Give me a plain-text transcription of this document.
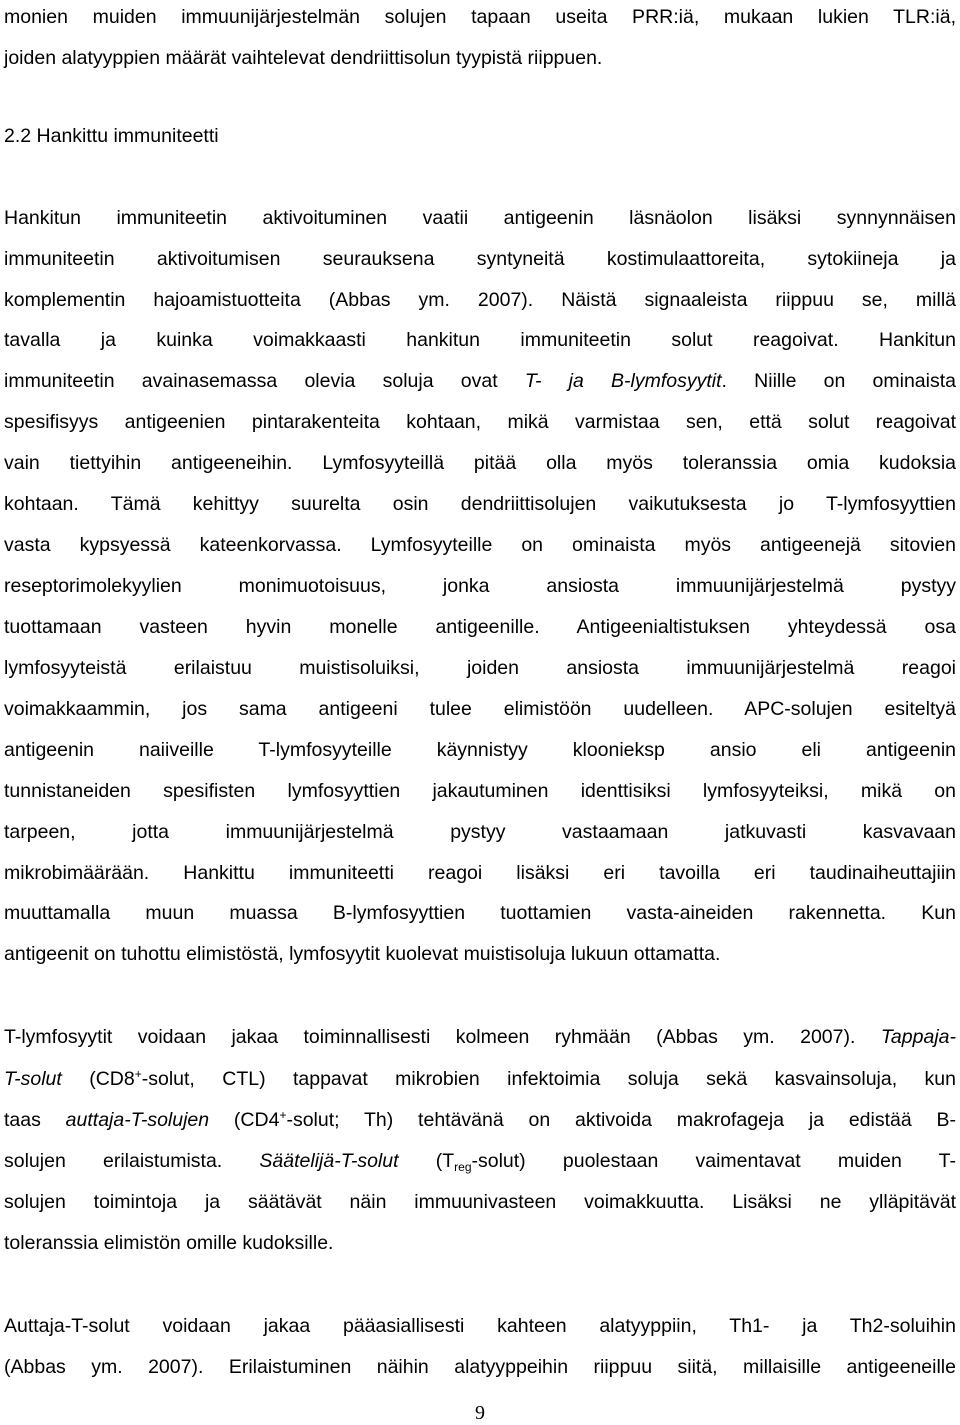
monien muiden immuunijärjestelmän solujen tapaan useita PRR:iä, mukaan lukien TLR:iä,
joiden alatyyppien määrät vaihtelevat dendriittisolun tyypistä riippuen.
2.2 Hankittu immuniteetti
Hankitun immuniteetin aktivoituminen vaatii antigeenin läsnäolon lisäksi synnynnäisen
immuniteetin aktivoitumisen seurauksena syntyneitä kostimulaattoreita, sytokiineja ja
komplementin hajoamistuotteita (Abbas ym. 2007). Näistä signaaleista riippuu se, millä
tavalla ja kuinka voimakkaasti hankitun immuniteetin solut reagoivat. Hankitun
immuniteetin avainasemassa olevia soluja ovat T- ja B-lymfosyytit. Niille on ominaista
spesifisyys antigeenien pintarakenteita kohtaan, mikä varmistaa sen, että solut reagoivat
vain tiettyihin antigeeneihin. Lymfosyyteillä pitää olla myös toleranssia omia kudoksia
kohtaan. Tämä kehittyy suurelta osin dendriittisolujen vaikutuksesta jo T-lymfosyyttien
vasta kypsyessä kateenkorvassa. Lymfosyyteille on ominaista myös antigeenejä sitovien
reseptorimolekyylien monimuotoisuus, jonka ansiosta immuunijärjestelmä pystyy
tuottamaan vasteen hyvin monelle antigeenille. Antigeenialtistuksen yhteydessä osa
lymfosyyteistä erilaistuu muistisoluiksi, joiden ansiosta immuunijärjestelmä reagoi
voimakkaammin, jos sama antigeeni tulee elimistöön uudelleen. APC-solujen esiteltyä
antigeenin naiiveille T-lymfosyyteille käynnistyy kloonieksp ansio eli antigeenin
tunnistaneiden spesifisten lymfosyyttien jakautuminen identtisiksi lymfosyyteiksi, mikä on
tarpeen, jotta immuunijärjestelmä pystyy vastaamaan jatkuvasti kasvavaan
mikrobimäärään. Hankittu immuniteetti reagoi lisäksi eri tavoilla eri taudinaiheuttajiin
muuttamalla muun muassa B-lymfosyyttien tuottamien vasta-aineiden rakennetta. Kun
antigeenit on tuhottu elimistöstä, lymfosyytit kuolevat muistisoluja lukuun ottamatta.
T-lymfosyytit voidaan jakaa toiminnallisesti kolmeen ryhmään (Abbas ym. 2007). Tappaja-
T-solut (CD8+-solut, CTL) tappavat mikrobien infektoimia soluja sekä kasvainsoluja, kun
taas auttaja-T-solujen (CD4+-solut; Th) tehtävänä on aktivoida makrofageja ja edistää B-
solujen erilaistumista. Säätelijä-T-solut $(T_{reg}-solut)$ puolestaan vaimentavat muiden T-
solujen toimintoja ja säätävät näin immuunivasteen voimakkuutta. Lisäksi ne ylläpitävät
toleranssia elimistön omille kudoksille.
Auttaja-T-solut voidaan jakaa pääasiallisesti kahteen alatyyppiin, Th1- ja Th2-soluihin
(Abbas ym. 2007). Erilaistuminen näihin alatyyppeihin riippuu siitä, millaisille antigeeneille
9
